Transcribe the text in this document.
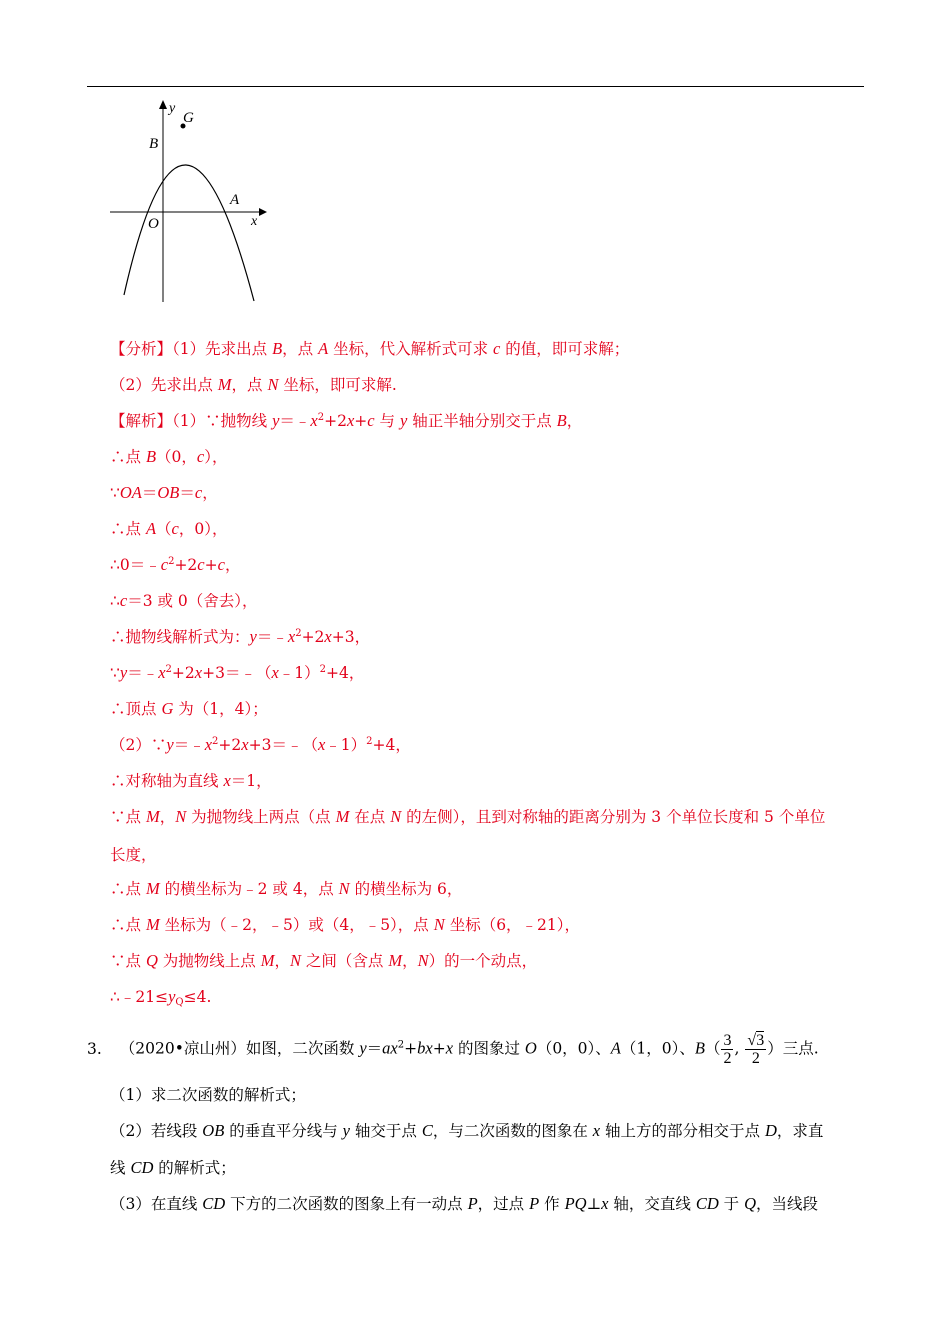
y
G
B
A
O	x
【分析】（1）先求出点 B，点 A 坐标，代入解析式可求 c 的值，即可求解；
（2）先求出点 M，点 N 坐标，即可求解.
【解析】（1）∵抛物线 $y=﹣x^2+2x+c$ 与 y 轴正半轴分别交于点 B，
∴点 B（0，c），
∵OA＝OB＝c，
∴点 A（c，0），
$\therefore 0=﹣c^2+2c+c$，
∴c＝3 或 0（舍去），
∴抛物线解析式为：$y=﹣x^2+2x+3$，
$\because y=﹣x^2+2x+3=﹣(x﹣1)^2+4$，
∴顶点 G 为（1，4）；
$(2)\because y=﹣x^2+2x+3=﹣(x﹣1)^2+4$，
∴对称轴为直线 x＝1，
∵点 M，N 为抛物线上两点（点 M 在点 N 的左侧），且到对称轴的距离分别为 3 个单位长度和 5 个单位
长度，
∴点 M 的横坐标为﹣2 或 4，点 N 的横坐标为 6，
∴点 M 坐标为（﹣2，﹣5）或（4，﹣5），点 N 坐标（6，﹣21），
∵点 Q 为抛物线上点 M，N 之间（含点 M，N）的一个动点，
$\therefore﹣21\le y_Q\le 4$.
3. （2020•凉山州）如图，二次函数 $y=ax^2+bx+x$ 的图象过 O（0，0）、A（1，0）、$B( \frac{3}{2}$ , $\frac{√3}{2}$ ）三点.
（1）求二次函数的解析式；
（2）若线段 OB 的垂直平分线与 y 轴交于点 C，与二次函数的图象在 x 轴上方的部分相交于点 D，求直
线 CD 的解析式；
（3）在直线 CD 下方的二次函数的图象上有一动点 P，过点 P 作 PQ⊥x 轴，交直线 CD 于 Q，当线段
